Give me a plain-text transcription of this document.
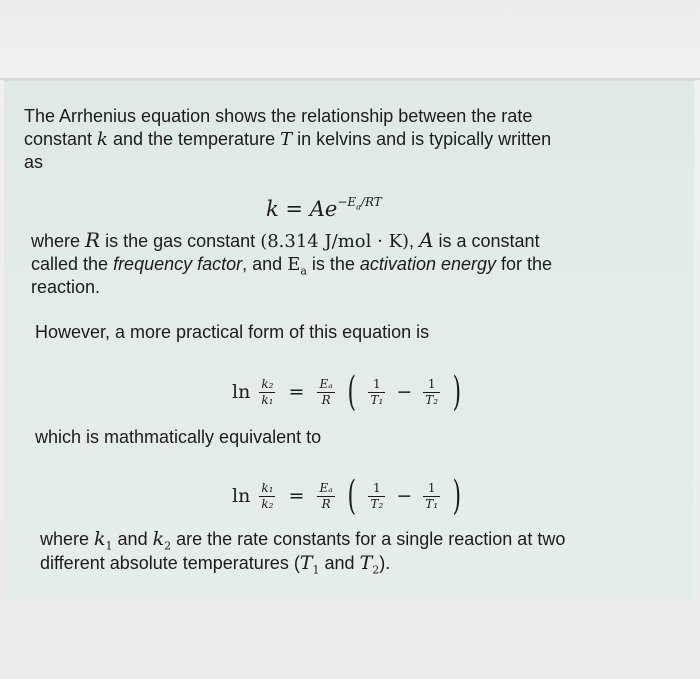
The Arrhenius equation shows the relationship between the rate

constant k and the temperature T in kelvins and is typically written

as

$k = Ae^{-E_a/RT}$

where R is the gas constant (8.314 J/mol · K), A is a constant

called the frequency factor, and $E_a$ is the activation energy for the

reaction.

However, a more practical form of this equation is

$\ln \frac{\text{k₂}}{\text{k₁}} = \frac{\text{Eₐ}}{R}$ ( $\frac{1}{\text{T₁}} - \frac{1}{\text{T₂}}$ )

which is mathmatically equivalent to

$\ln \frac{\text{k₁}}{\text{k₂}} = \frac{\text{Eₐ}}{R}$ ( $\frac{1}{\text{T₂}} - \frac{1}{\text{T₁}}$ )

where $k_1$ and $k_2$ are the rate constants for a single reaction at two

different absolute temperatures ($T_1$ and $T_2$).
